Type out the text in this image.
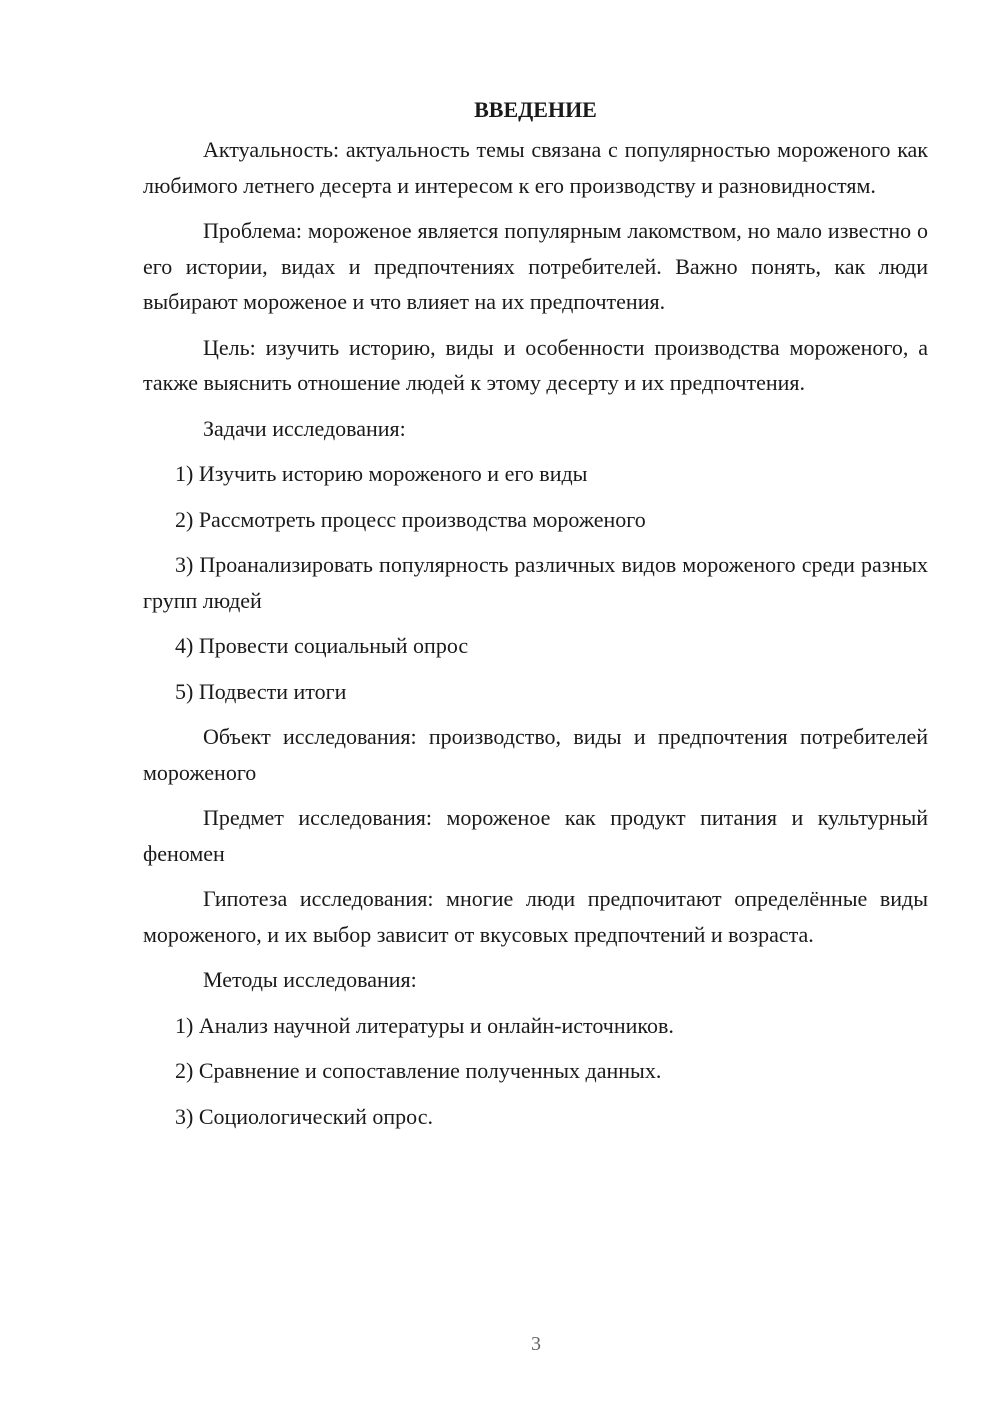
ВВЕДЕНИЕ

Актуальность: актуальность темы связана с популярностью мороженого как любимого летнего десерта и интересом к его производству и разновидностям.

Проблема: мороженое является популярным лакомством, но мало известно о его истории, видах и предпочтениях потребителей. Важно понять, как люди выбирают мороженое и что влияет на их предпочтения.

Цель: изучить историю, виды и особенности производства мороженого, а также выяснить отношение людей к этому десерту и их предпочтения.

Задачи исследования:

1) Изучить историю мороженого и его виды

2) Рассмотреть процесс производства мороженого

3) Проанализировать популярность различных видов мороженого среди разных групп людей

4) Провести социальный опрос

5) Подвести итоги

Объект исследования: производство, виды и предпочтения потребителей мороженого

Предмет исследования: мороженое как продукт питания и культурный феномен

Гипотеза исследования: многие люди предпочитают определённые виды мороженого, и их выбор зависит от вкусовых предпочтений и возраста.

Методы исследования:

1) Анализ научной литературы и онлайн-источников.

2) Сравнение и сопоставление полученных данных.

3) Социологический опрос.

3
